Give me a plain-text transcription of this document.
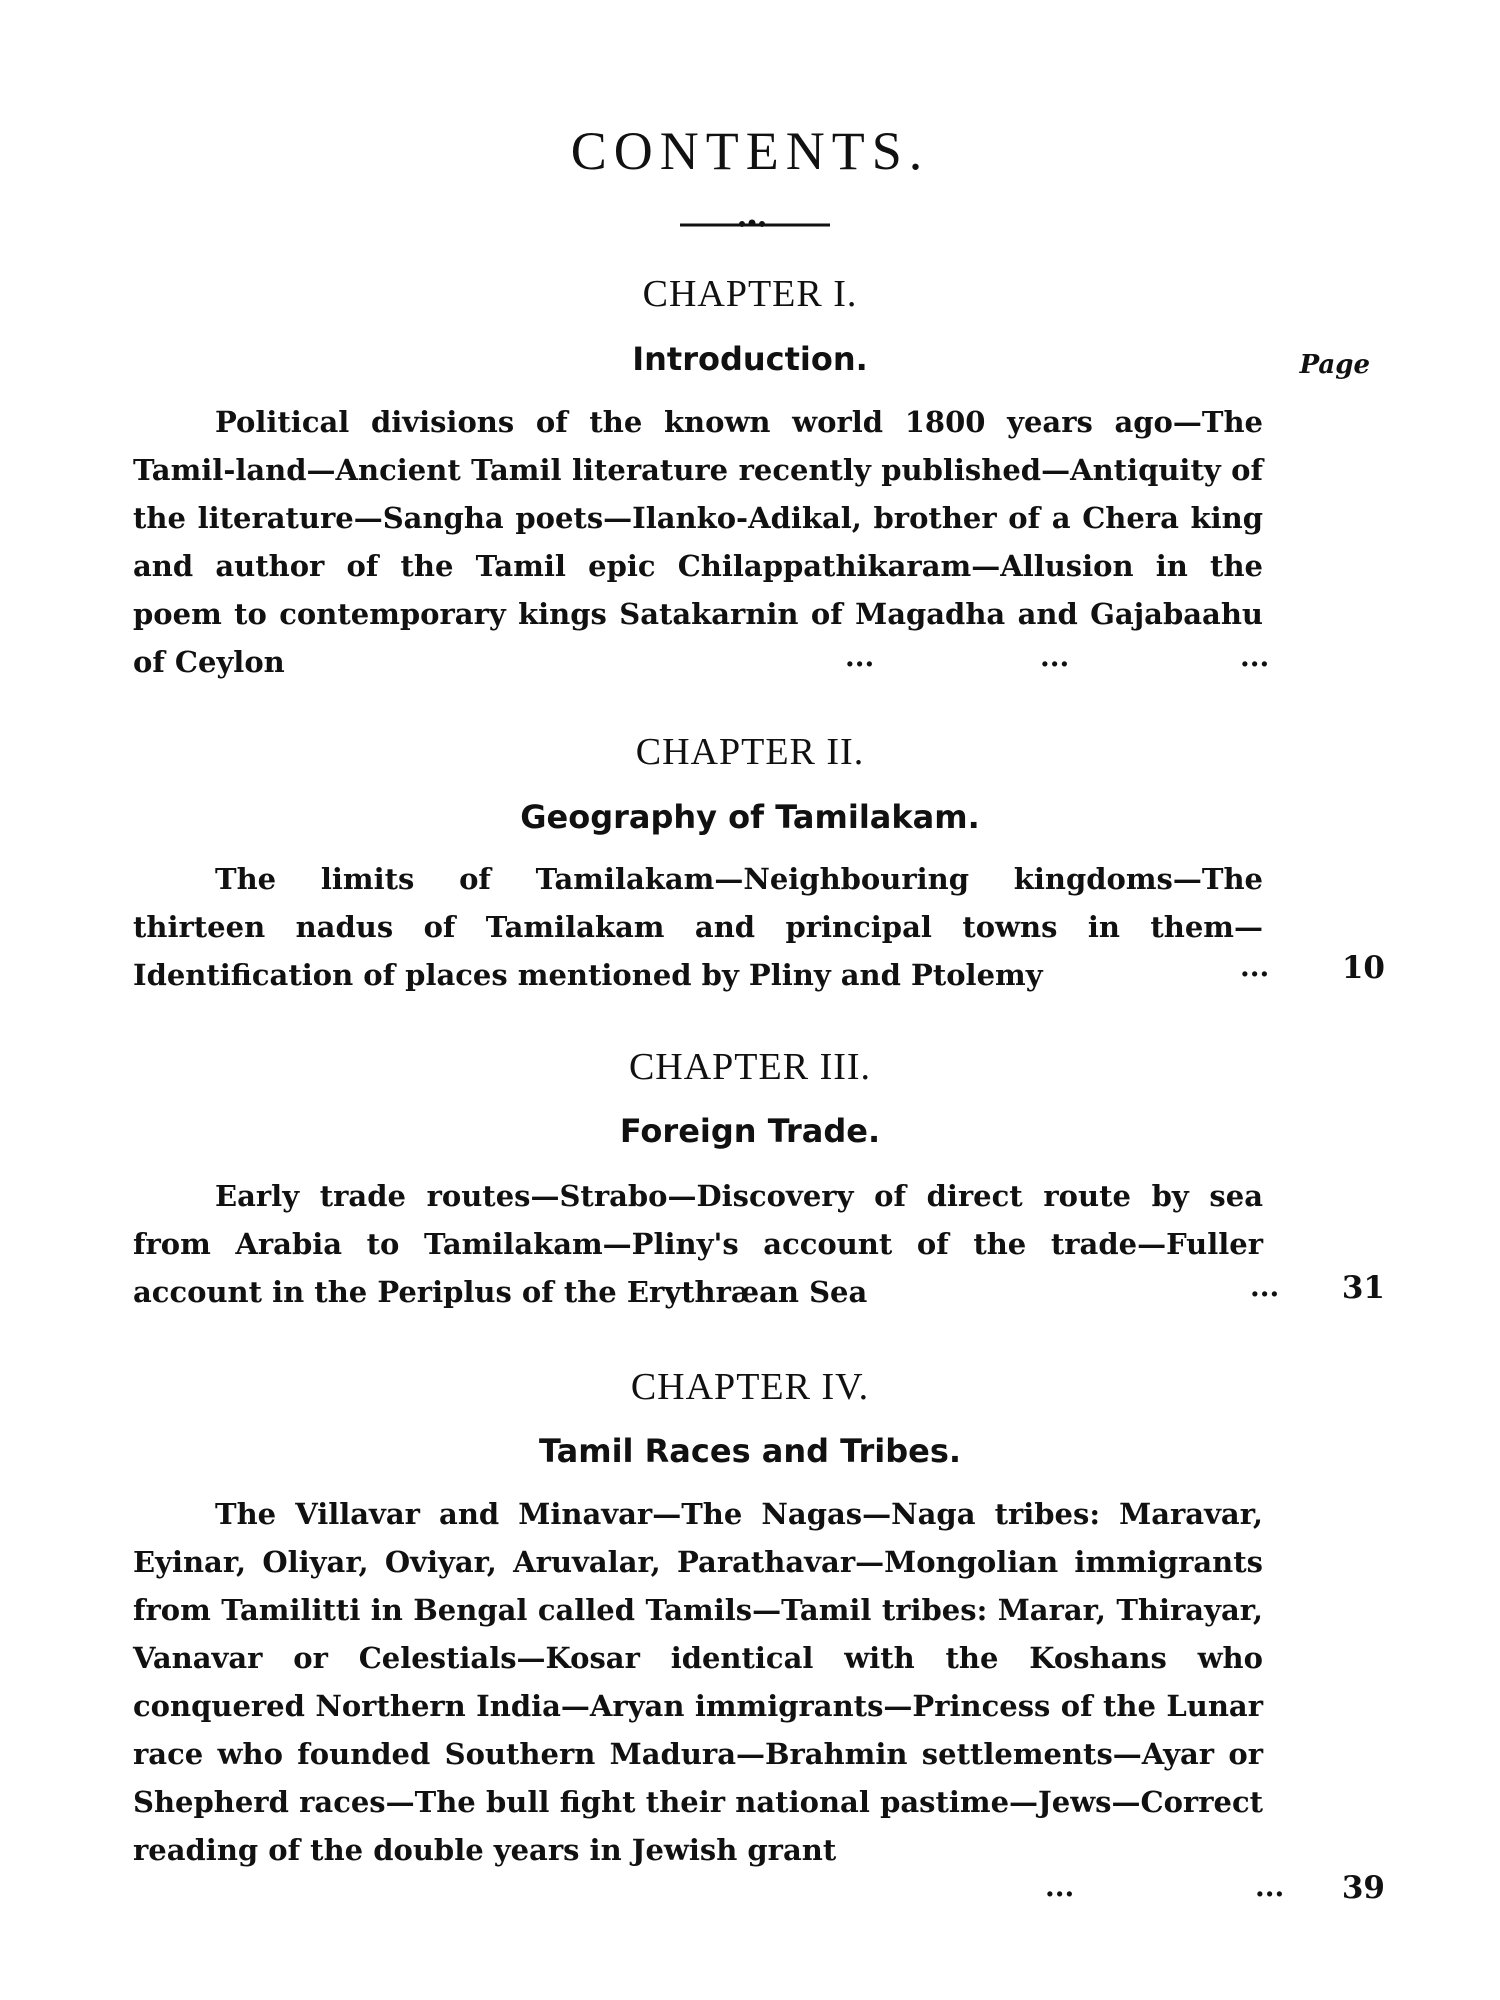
CONTENTS.
Page
CHAPTER I.
Introduction.
Political divisions of the known world 1800 years ago—The Tamil-land—Ancient Tamil literature recently published—Antiquity of the literature—Sangha poets—Ilanko-Adikal, brother of a Chera king and author of the Tamil epic Chilappathikaram—Allusion in the poem to contemporary kings Satakarnin of Magadha and Gajabaahu of Ceylon	...	...	...
CHAPTER II.
Geography of Tamilakam.
The limits of Tamilakam—Neighbouring kingdoms—The thirteen nadus of Tamilakam and principal towns in them—Identification of places mentioned by Pliny and Ptolemy	...	10
CHAPTER III.
Foreign Trade.
Early trade routes—Strabo—Discovery of direct route by sea from Arabia to Tamilakam—Pliny's account of the trade—Fuller account in the Periplus of the Erythræan Sea	...	31
CHAPTER IV.
Tamil Races and Tribes.
The Villavar and Minavar—The Nagas—Naga tribes: Maravar, Eyinar, Oliyar, Oviyar, Aruvalar, Parathavar—Mongolian immigrants from Tamilitti in Bengal called Tamils—Tamil tribes: Marar, Thirayar, Vanavar or Celestials—Kosar identical with the Koshans who conquered Northern India—Aryan immigrants—Princess of the Lunar race who founded Southern Madura—Brahmin settlements—Ayar or Shepherd races—The bull fight their national pastime—Jews—Correct reading of the double years in Jewish grant
...	...	39
